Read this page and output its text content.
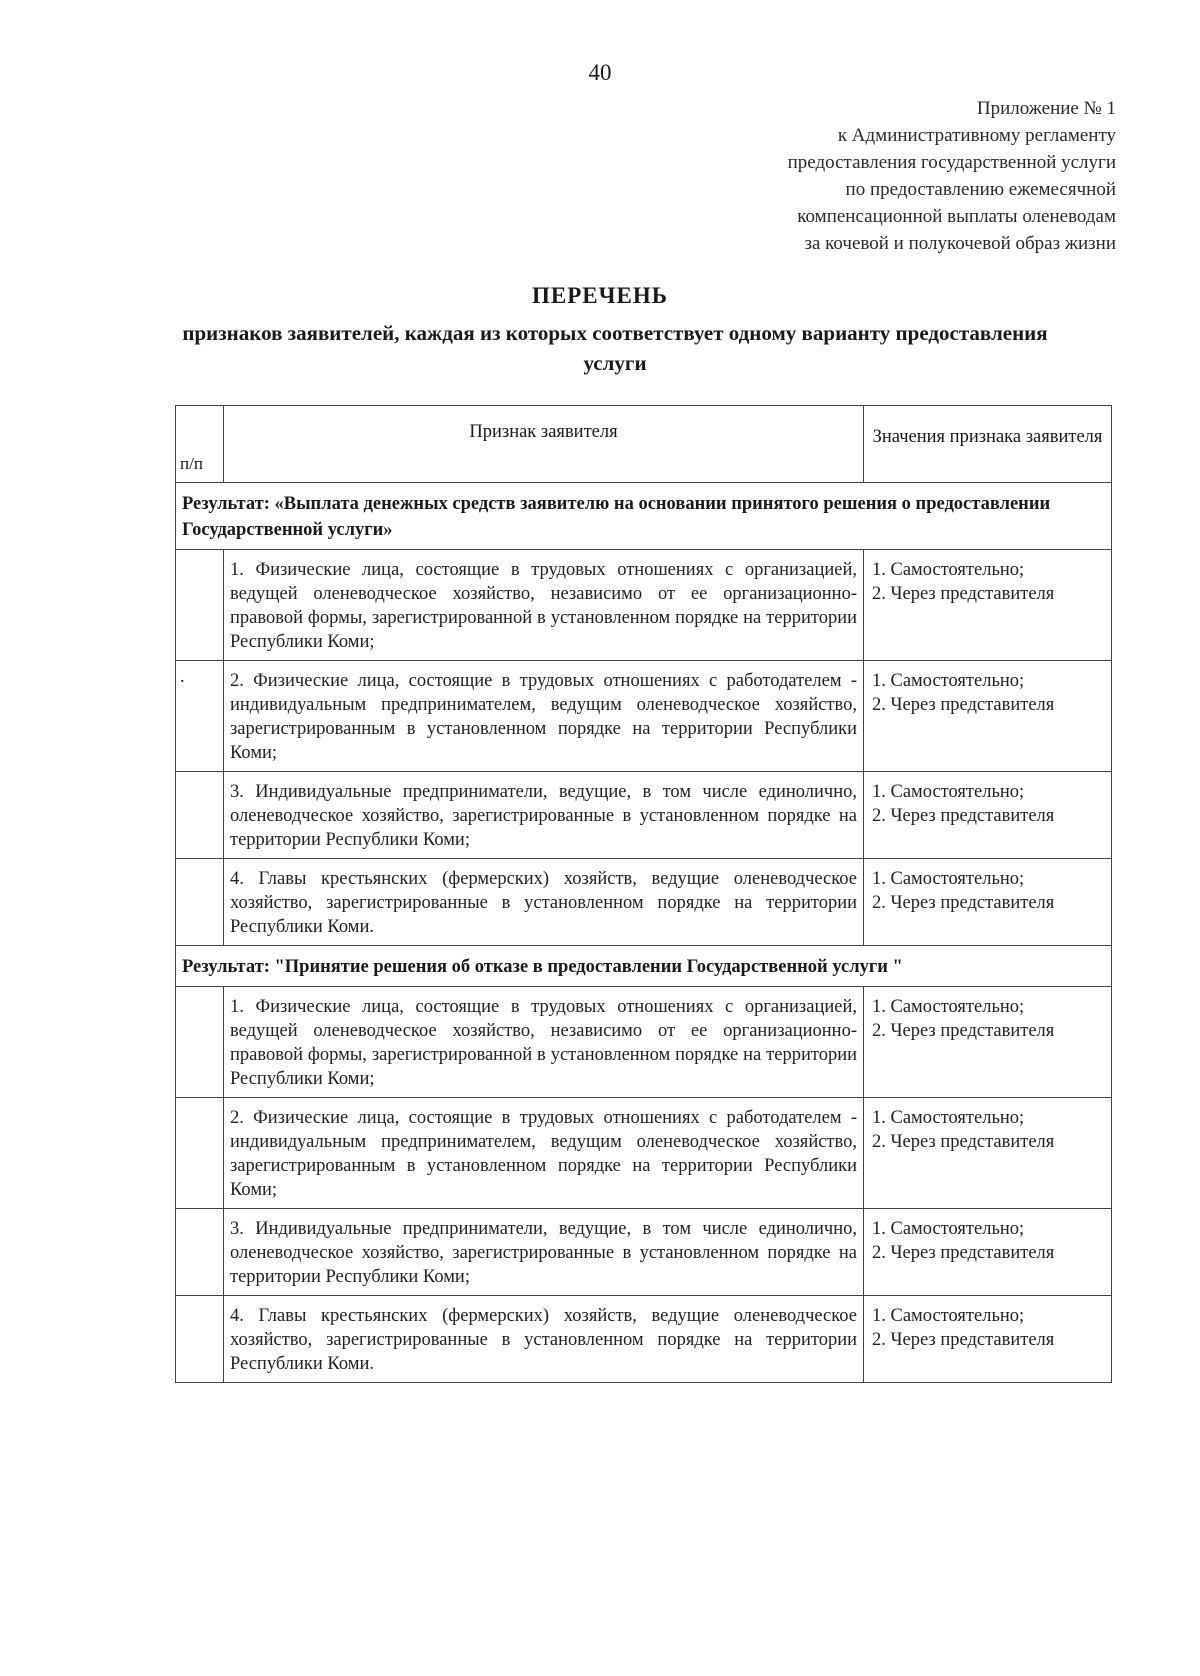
40
Приложение № 1
к Административному регламенту
предоставления государственной услуги
по предоставлению ежемесячной
компенсационной выплаты оленеводам
за кочевой и полукочевой образ жизни
ПЕРЕЧЕНЬ
признаков заявителей, каждая из которых соответствует одному варианту предоставления услуги
п/п	Признак заявителя	Значения признака заявителя
Результат: «Выплата денежных средств заявителю на основании принятого решения о предоставлении Государственной услуги»		
	1. Физические лица, состоящие в трудовых отношениях с организацией, ведущей оленеводческое хозяйство, независимо от ее организационно-правовой формы, зарегистрированной в установленном порядке на территории Республики Коми;	1. Самостоятельно;
2. Через представителя

.	2. Физические лица, состоящие в трудовых отношениях с работодателем - индивидуальным предпринимателем, ведущим оленеводческое хозяйство, зарегистрированным в установленном порядке на территории Республики Коми;	1. Самостоятельно;
2. Через представителя

	3. Индивидуальные предприниматели, ведущие, в том числе единолично, оленеводческое хозяйство, зарегистрированные в установленном порядке на территории Республики Коми;	1. Самостоятельно;
2. Через представителя

	4. Главы крестьянских (фермерских) хозяйств, ведущие оленеводческое хозяйство, зарегистрированные в установленном порядке на территории Республики Коми.	1. Самостоятельно;
2. Через представителя

Результат: "Принятие решения об отказе в предоставлении Государственной услуги "		
	1. Физические лица, состоящие в трудовых отношениях с организацией, ведущей оленеводческое хозяйство, независимо от ее организационно-правовой формы, зарегистрированной в установленном порядке на территории Республики Коми;	1. Самостоятельно;
2. Через представителя

	2. Физические лица, состоящие в трудовых отношениях с работодателем - индивидуальным предпринимателем, ведущим оленеводческое хозяйство, зарегистрированным в установленном порядке на территории Республики Коми;	1. Самостоятельно;
2. Через представителя

	3. Индивидуальные предприниматели, ведущие, в том числе единолично, оленеводческое хозяйство, зарегистрированные в установленном порядке на территории Республики Коми;	1. Самостоятельно;
2. Через представителя

	4. Главы крестьянских (фермерских) хозяйств, ведущие оленеводческое хозяйство, зарегистрированные в установленном порядке на территории Республики Коми.	1. Самостоятельно;
2. Через представителя
